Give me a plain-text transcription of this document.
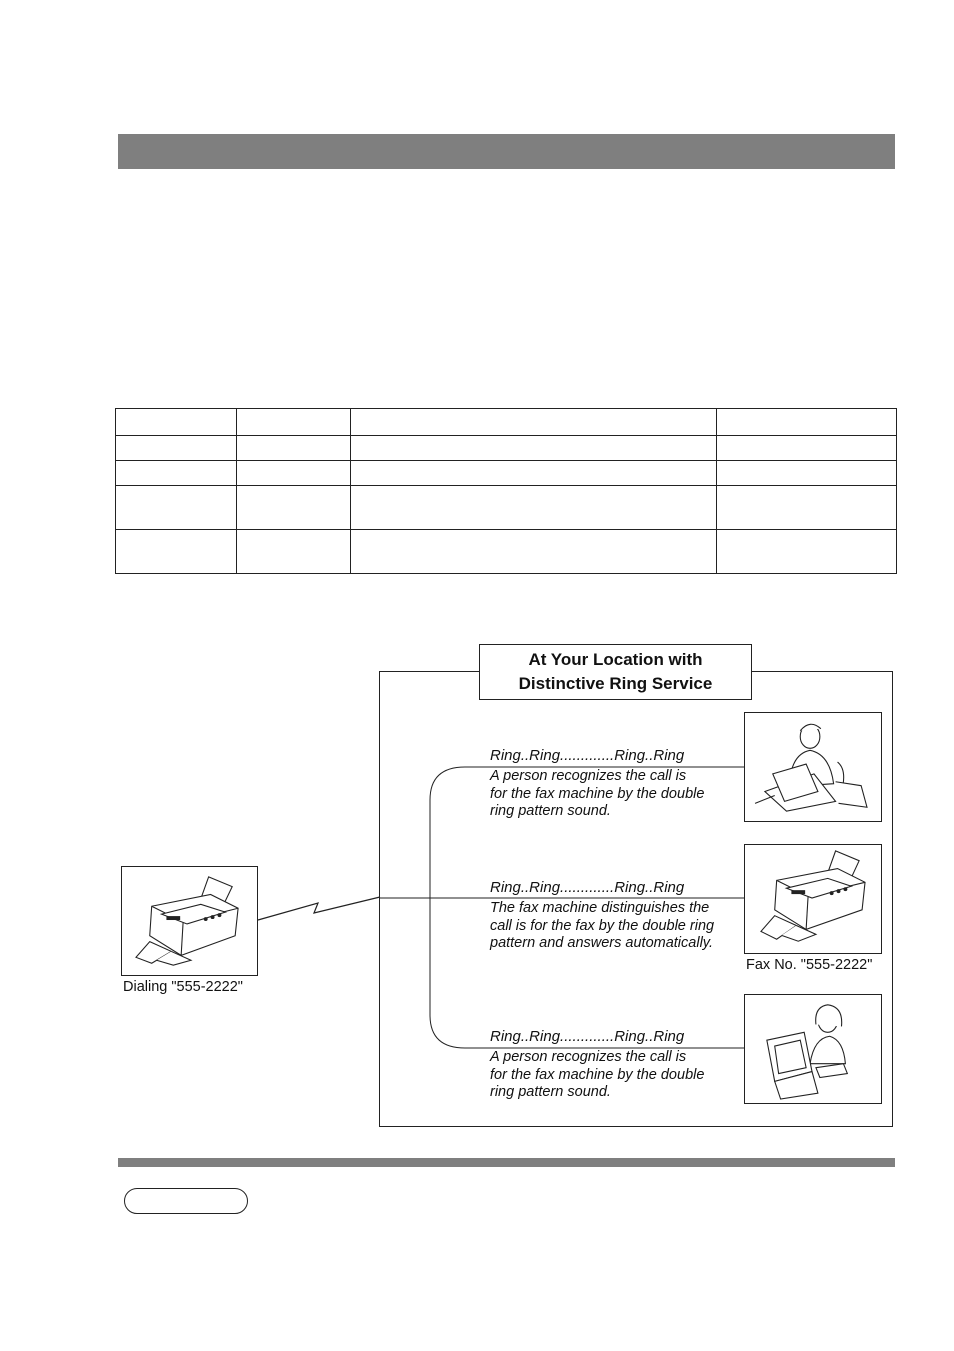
At Your Location with
Distinctive Ring Service
Ring..Ring.............Ring..Ring
A person recognizes the call is for the fax machine by the double ring pattern sound.
Ring..Ring.............Ring..Ring
The fax machine distinguishes the call is for the fax by the double ring pattern and answers automatically.
Ring..Ring.............Ring..Ring
A person recognizes the call is for the fax machine by the double ring pattern sound.
Dialing "555-2222"
Fax No. "555-2222"
